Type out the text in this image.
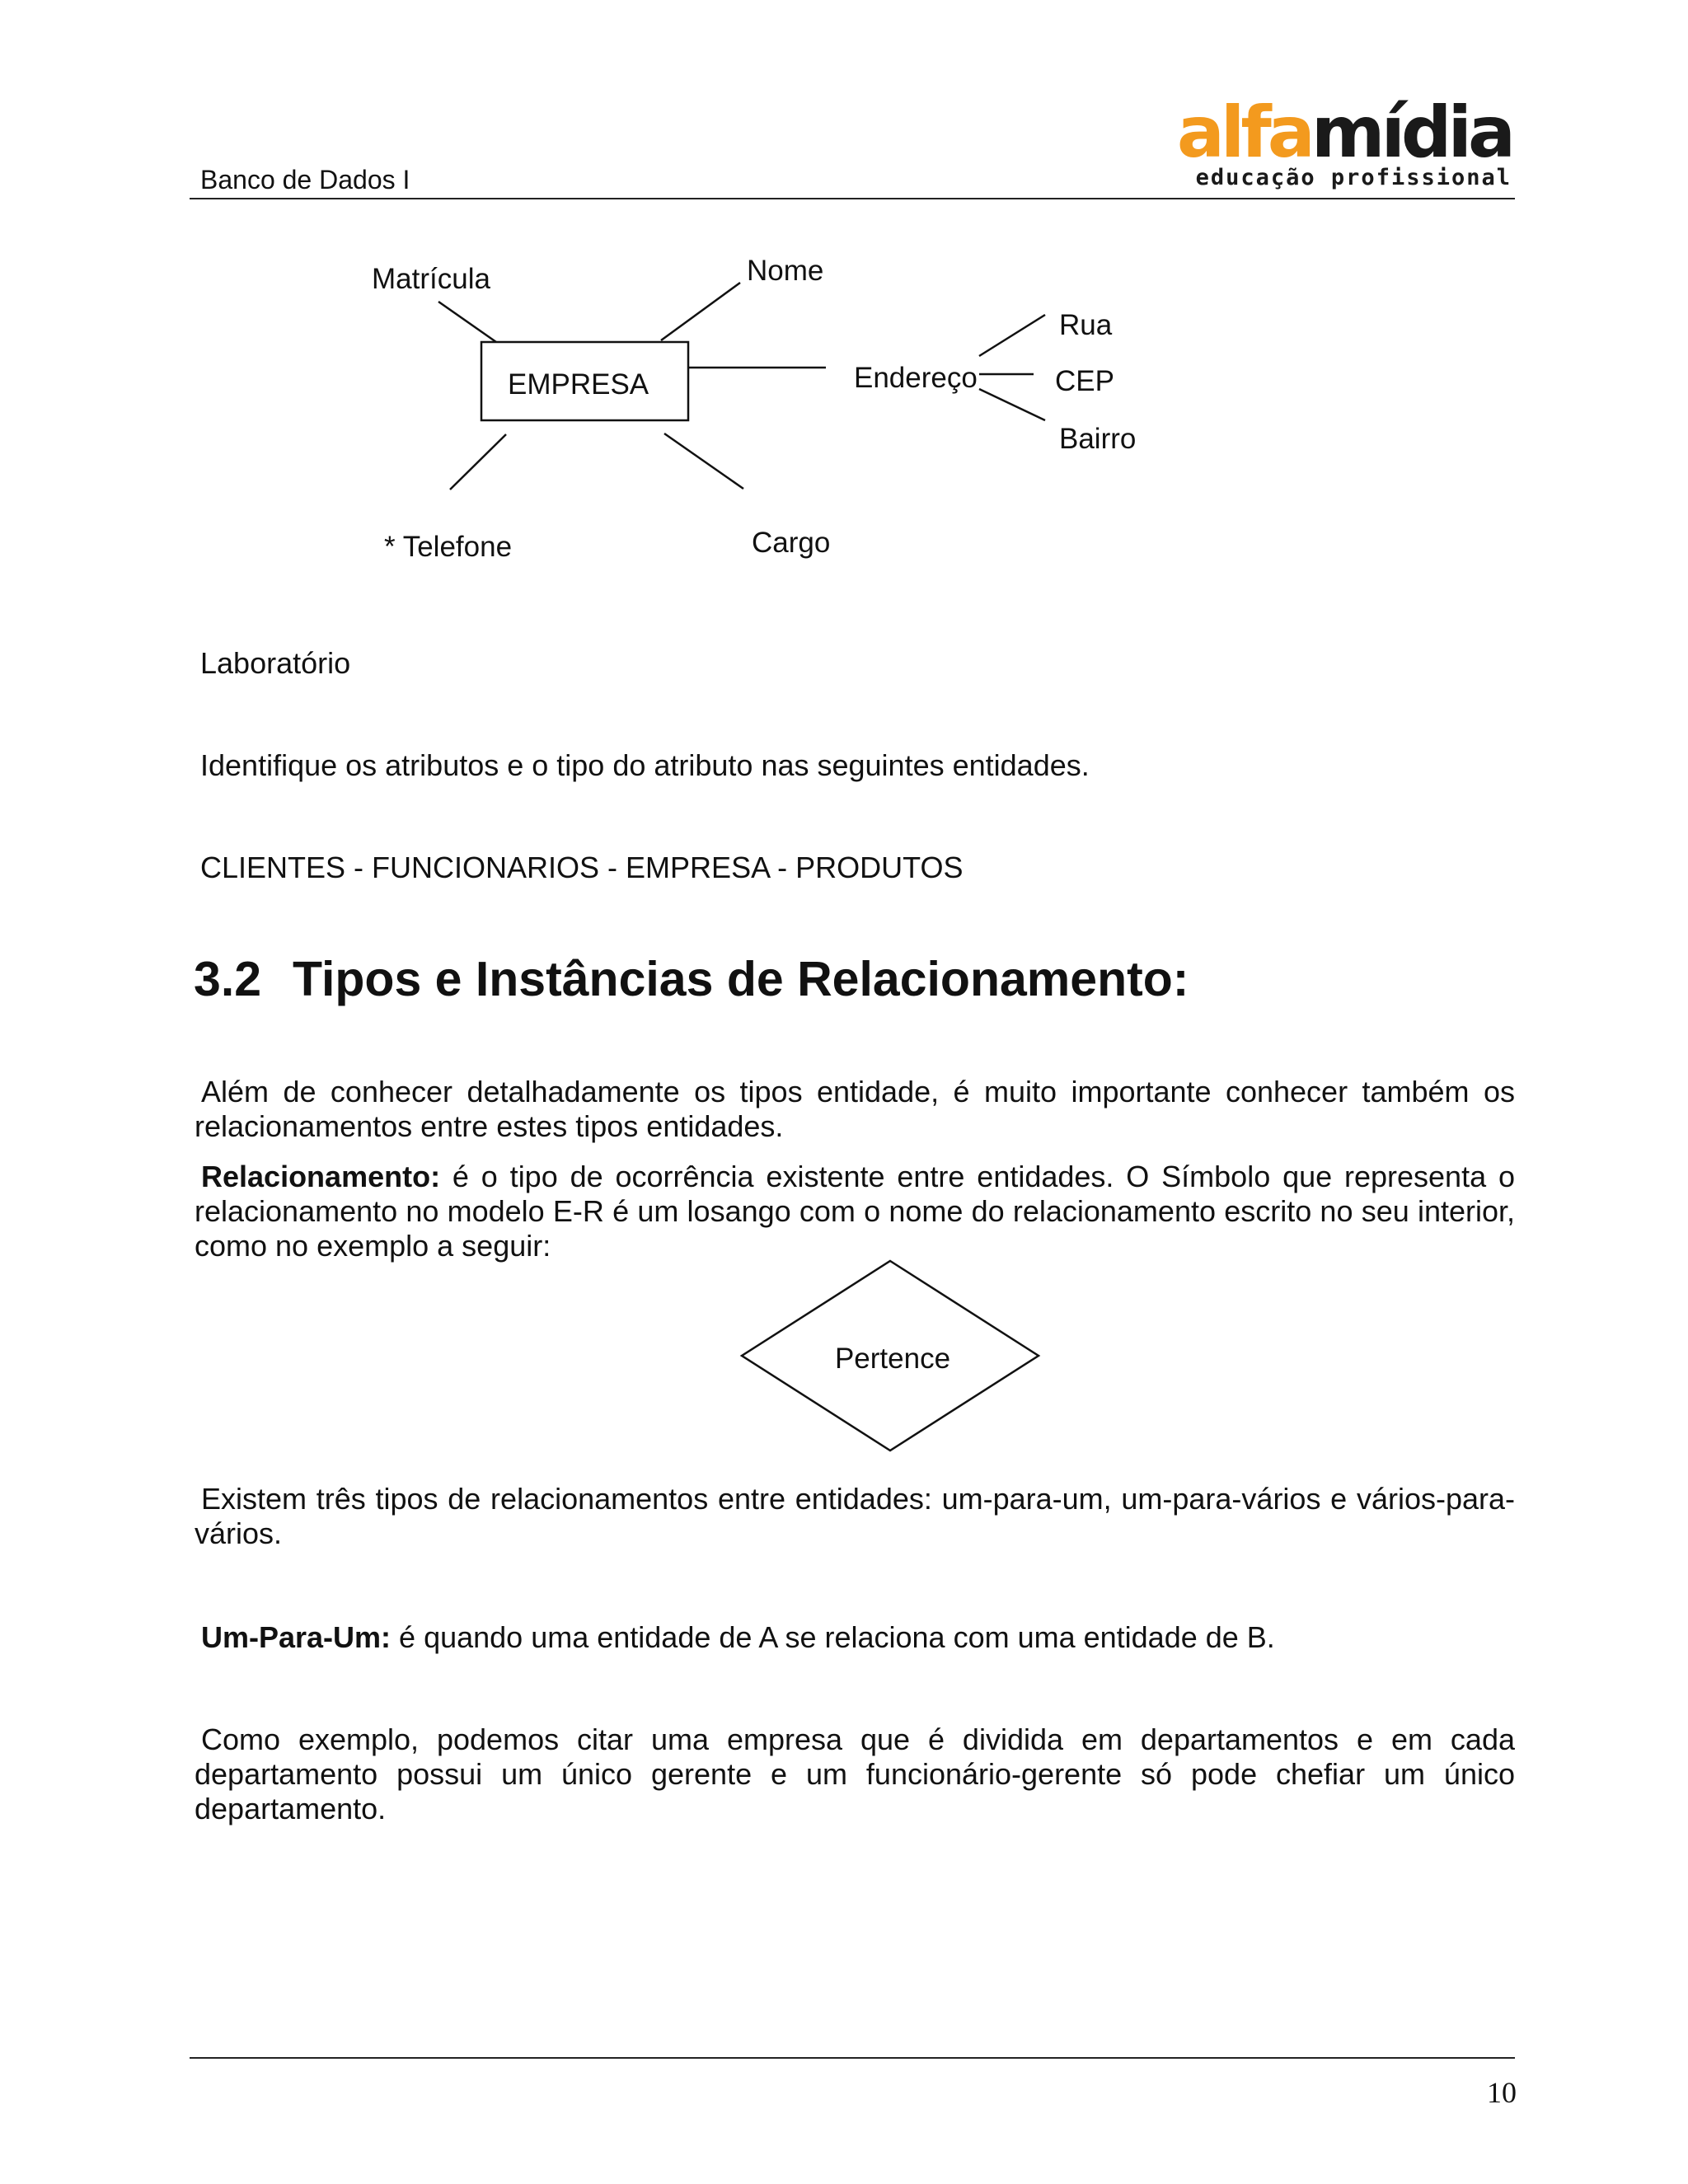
Banco de Dados I
alfamídia
educação profissional
EMPRESA
Matrícula	Nome
Endereço
Rua
CEP
Bairro
* Telefone	Cargo
Pertence
Laboratório
Identifique os atributos e o tipo do atributo nas seguintes entidades.
CLIENTES - FUNCIONARIOS - EMPRESA - PRODUTOS
3.2 Tipos e Instâncias de Relacionamento:
Além de conhecer detalhadamente os tipos entidade, é muito importante conhecer também os relacionamentos entre estes tipos entidades.
Relacionamento: é o tipo de ocorrência existente entre entidades. O Símbolo que representa o relacionamento no modelo E-R é um losango com o nome do relacionamento escrito no seu interior, como no exemplo a seguir:
Existem três tipos de relacionamentos entre entidades: um-para-um, um-para-vários e vários-para-vários.
Um-Para-Um: é quando uma entidade de A se relaciona com uma entidade de B.
Como exemplo, podemos citar uma empresa que é dividida em departamentos e em cada departamento possui um único gerente e um funcionário-gerente só pode chefiar um único departamento.
10
